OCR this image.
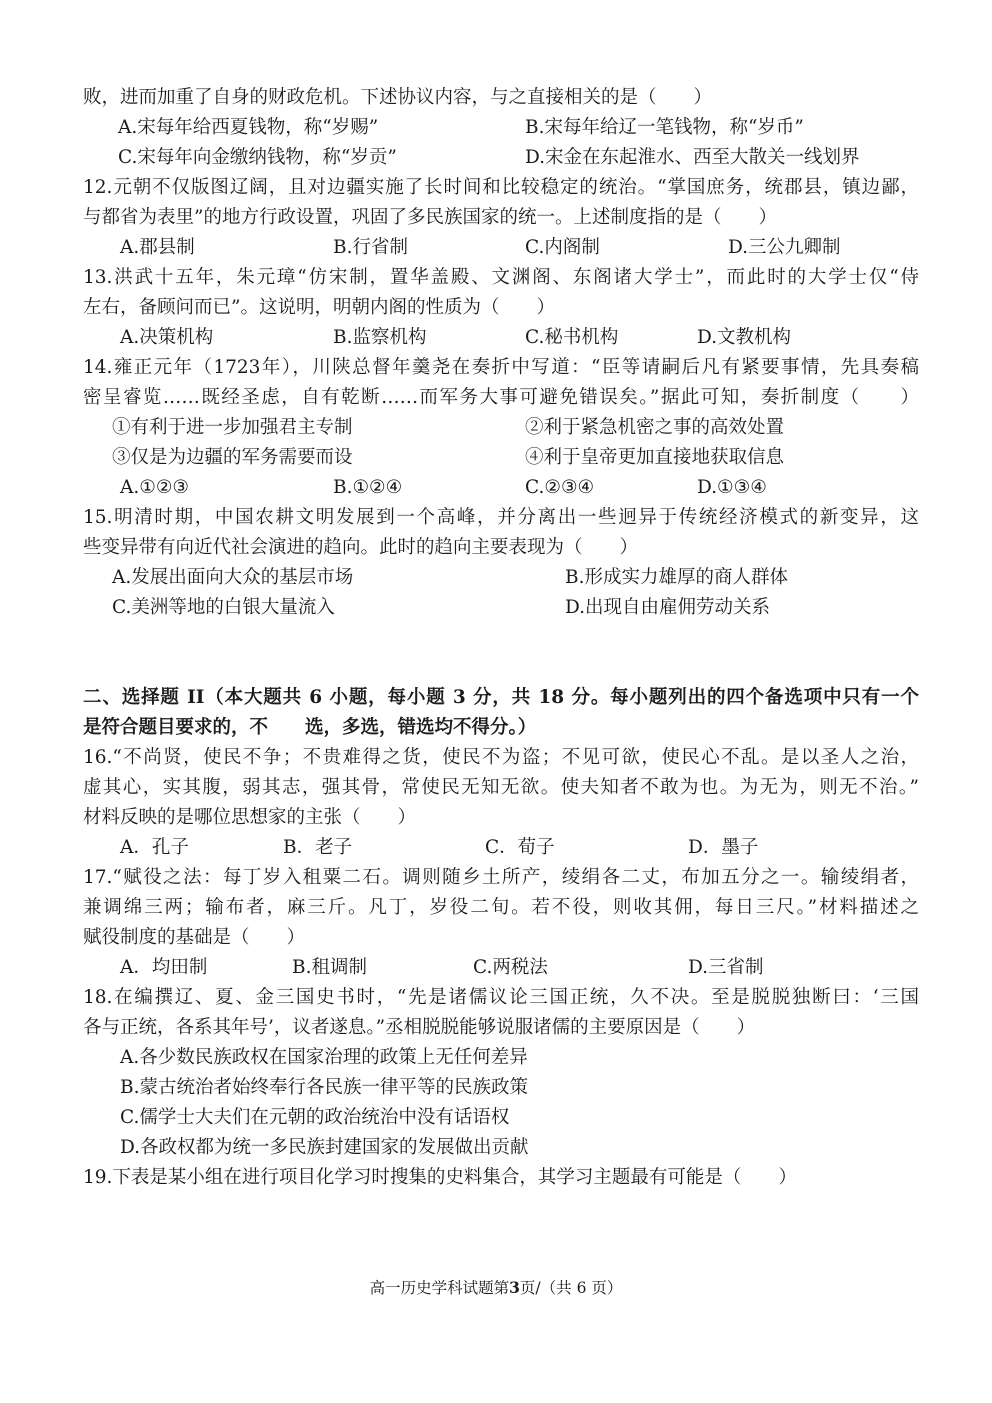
败，进而加重了自身的财政危机。下述协议内容，与之直接相关的是（　　）
A.宋每年给西夏钱物，称“岁赐”	B.宋每年给辽一笔钱物，称“岁币”
C.宋每年向金缴纳钱物，称“岁贡”	D.宋金在东起淮水、西至大散关一线划界
12.元朝不仅版图辽阔，且对边疆实施了长时间和比较稳定的统治。“掌国庶务，统郡县，镇边鄙，
与都省为表里”的地方行政设置，巩固了多民族国家的统一。上述制度指的是（　　）
A.郡县制	B.行省制	C.内阁制	D.三公九卿制
13.洪武十五年，朱元璋“仿宋制，置华盖殿、文渊阁、东阁诸大学士”，而此时的大学士仅“侍
左右，备顾问而已”。这说明，明朝内阁的性质为（　　）
A.决策机构	B.监察机构	C.秘书机构	D.文教机构
14.雍正元年（1723年），川陕总督年羹尧在奏折中写道：“臣等请嗣后凡有紧要事情，先具奏稿
密呈睿览……既经圣虑，自有乾断……而军务大事可避免错误矣。”据此可知，奏折制度（　　）
①有利于进一步加强君主专制	②利于紧急机密之事的高效处置
③仅是为边疆的军务需要而设	④利于皇帝更加直接地获取信息
A.①②③	B.①②④	C.②③④	D.①③④
15.明清时期，中国农耕文明发展到一个高峰，并分离出一些迥异于传统经济模式的新变异，这
些变异带有向近代社会演进的趋向。此时的趋向主要表现为（　　）
A.发展出面向大众的基层市场	B.形成实力雄厚的商人群体
C.美洲等地的白银大量流入	D.出现自由雇佣劳动关系
二、选择题 II（本大题共 6 小题，每小题 3 分，共 18 分。每小题列出的四个备选项中只有一个
是符合题目要求的，不　　选，多选，错选均不得分。）
16.“不尚贤，使民不争；不贵难得之货，使民不为盗；不见可欲，使民心不乱。是以圣人之治，
虚其心，实其腹，弱其志，强其骨，常使民无知无欲。使夫知者不敢为也。为无为，则无不治。”
材料反映的是哪位思想家的主张（　　）
A．孔子	B．老子	C．荀子	D．墨子
17.“赋役之法：每丁岁入租粟二石。调则随乡土所产，绫绢各二丈，布加五分之一。输绫绢者，
兼调绵三两；输布者，麻三斤。凡丁，岁役二旬。若不役，则收其佣，每日三尺。”材料描述之
赋役制度的基础是（　　）
A．均田制	B.租调制	C.两税法	D.三省制
18.在编撰辽、夏、金三国史书时，“先是诸儒议论三国正统，久不决。至是脱脱独断曰：‘三国
各与正统，各系其年号’，议者遂息。”丞相脱脱能够说服诸儒的主要原因是（　　）
A.各少数民族政权在国家治理的政策上无任何差异
B.蒙古统治者始终奉行各民族一律平等的民族政策
C.儒学士大夫们在元朝的政治统治中没有话语权
D.各政权都为统一多民族封建国家的发展做出贡献
19.下表是某小组在进行项目化学习时搜集的史料集合，其学习主题最有可能是（　　）
高一历史学科试题第3页/（共 6 页）
